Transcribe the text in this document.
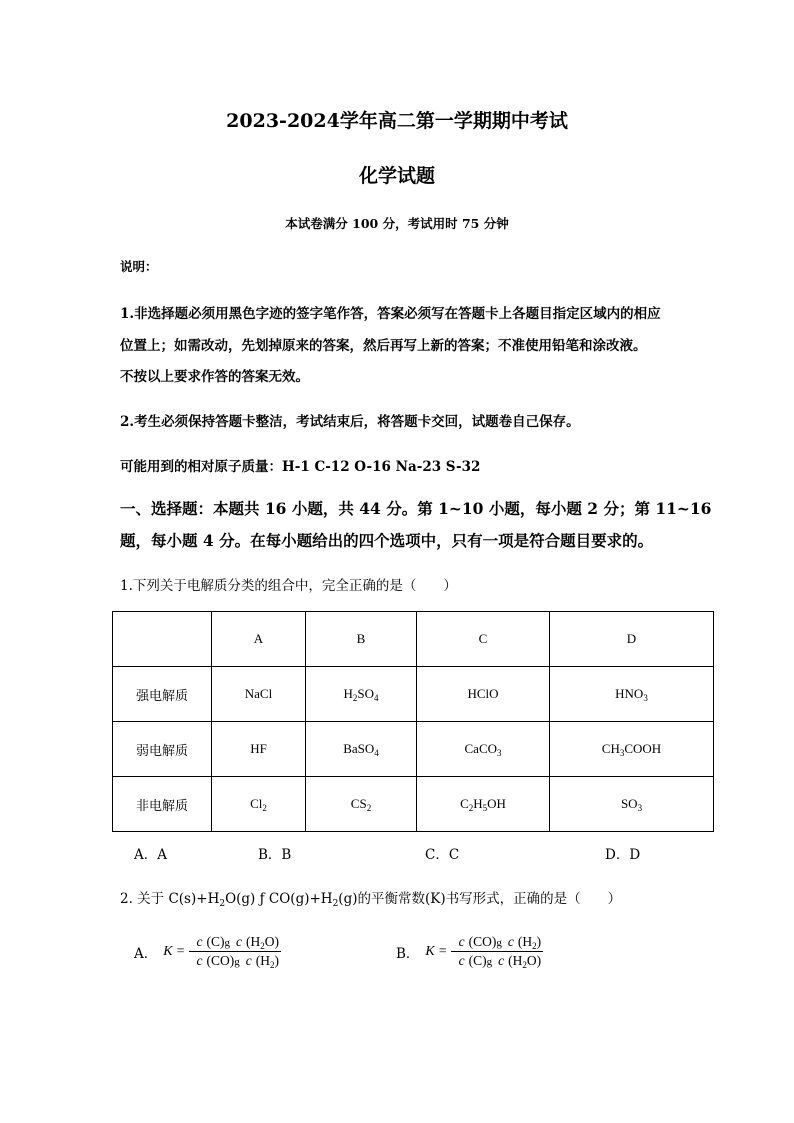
2023-2024学年高二第一学期期中考试
化学试题
本试卷满分 100 分，考试用时 75 分钟
说明：
1.非选择题必须用黑色字迹的签字笔作答，答案必须写在答题卡上各题目指定区域内的相应
位置上；如需改动，先划掉原来的答案，然后再写上新的答案；不准使用铅笔和涂改液。
不按以上要求作答的答案无效。
2.考生必须保持答题卡整洁，考试结束后，将答题卡交回，试题卷自己保存。
可能用到的相对原子质量：H-1 C-12 O-16 Na-23 S-32
一、选择题：本题共 16 小题，共 44 分。第 1~10 小题，每小题 2 分；第 11~16
题，每小题 4 分。在每小题给出的四个选项中，只有一项是符合题目要求的。
1.下列关于电解质分类的组合中，完全正确的是（　　）
	A	B	C	D
强电解质	NaCl	$H_2SO_4$	HClO	$HNO_3$
弱电解质	HF	BaSO$_4$	CaCO$_3$	$CH_3COOH$
非电解质	$Cl_2$	$CS_2$	$C_2H_5OH$	$SO_3$
A．A	B．B	C．C	D．D
2. 关于 $C(s)+H_2O(g)$ ƒ $CO(g)+H_2(g)$的平衡常数(K)书写形式，正确的是（　　）
A． $K = \frac{c (C)g c (H_2O)}{c (CO)g c (H_2)}$	B． $K = \frac{c (CO)g c (H_2)}{c (C)g c (H_2O)}$
